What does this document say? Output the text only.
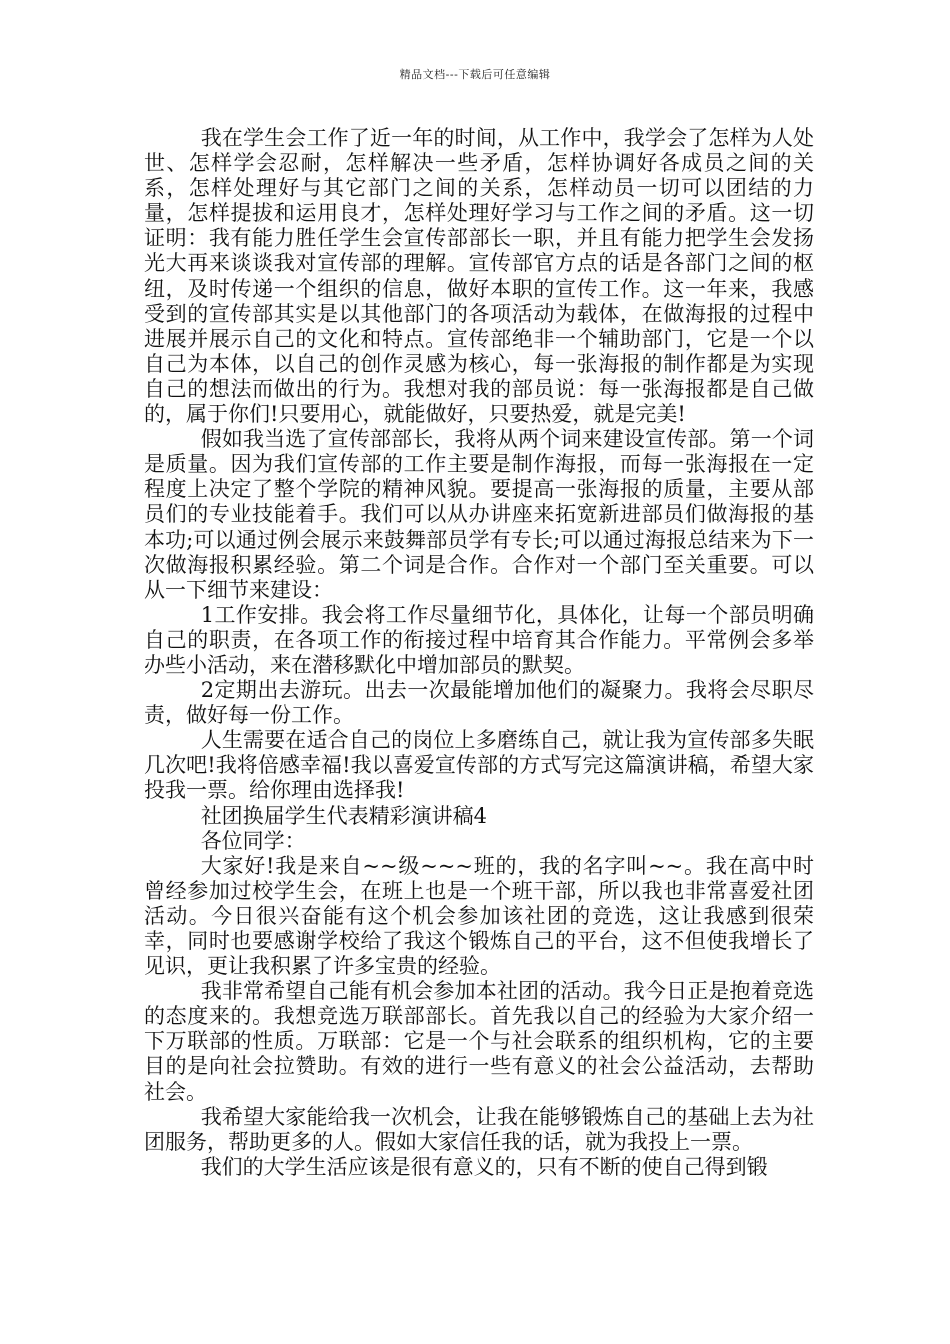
精品文档---下载后可任意编辑

我在学生会工作了近一年的时间，从工作中，我学会了怎样为人处世、怎样学会忍耐，怎样解决一些矛盾，怎样协调好各成员之间的关系，怎样处理好与其它部门之间的关系，怎样动员一切可以团结的力量，怎样提拔和运用良才，怎样处理好学习与工作之间的矛盾。这一切证明：我有能力胜任学生会宣传部部长一职，并且有能力把学生会发扬光大再来谈谈我对宣传部的理解。宣传部官方点的话是各部门之间的枢纽，及时传递一个组织的信息，做好本职的宣传工作。这一年来，我感受到的宣传部其实是以其他部门的各项活动为载体，在做海报的过程中进展并展示自己的文化和特点。宣传部绝非一个辅助部门，它是一个以自己为本体，以自己的创作灵感为核心，每一张海报的制作都是为实现自己的想法而做出的行为。我想对我的部员说：每一张海报都是自己做的，属于你们!只要用心，就能做好，只要热爱，就是完美!

假如我当选了宣传部部长，我将从两个词来建设宣传部。第一个词是质量。因为我们宣传部的工作主要是制作海报，而每一张海报在一定程度上决定了整个学院的精神风貌。要提高一张海报的质量，主要从部员们的专业技能着手。我们可以从办讲座来拓宽新进部员们做海报的基本功;可以通过例会展示来鼓舞部员学有专长;可以通过海报总结来为下一次做海报积累经验。第二个词是合作。合作对一个部门至关重要。可以从一下细节来建设：

1工作安排。我会将工作尽量细节化，具体化，让每一个部员明确自己的职责，在各项工作的衔接过程中培育其合作能力。平常例会多举办些小活动，来在潜移默化中增加部员的默契。

2定期出去游玩。出去一次最能增加他们的凝聚力。我将会尽职尽责，做好每一份工作。

人生需要在适合自己的岗位上多磨练自己，就让我为宣传部多失眠几次吧!我将倍感幸福!我以喜爱宣传部的方式写完这篇演讲稿，希望大家投我一票。给你理由选择我!

社团换届学生代表精彩演讲稿4

各位同学：

大家好!我是来自~~级~~~班的，我的名字叫~~。我在高中时曾经参加过校学生会，在班上也是一个班干部，所以我也非常喜爱社团活动。今日很兴奋能有这个机会参加该社团的竞选，这让我感到很荣幸，同时也要感谢学校给了我这个锻炼自己的平台，这不但使我增长了见识，更让我积累了许多宝贵的经验。

我非常希望自己能有机会参加本社团的活动。我今日正是抱着竞选的态度来的。我想竞选万联部部长。首先我以自己的经验为大家介绍一下万联部的性质。万联部：它是一个与社会联系的组织机构，它的主要目的是向社会拉赞助。有效的进行一些有意义的社会公益活动，去帮助社会。

我希望大家能给我一次机会，让我在能够锻炼自己的基础上去为社团服务，帮助更多的人。假如大家信任我的话，就为我投上一票。

我们的大学生活应该是很有意义的，只有不断的使自己得到锻
